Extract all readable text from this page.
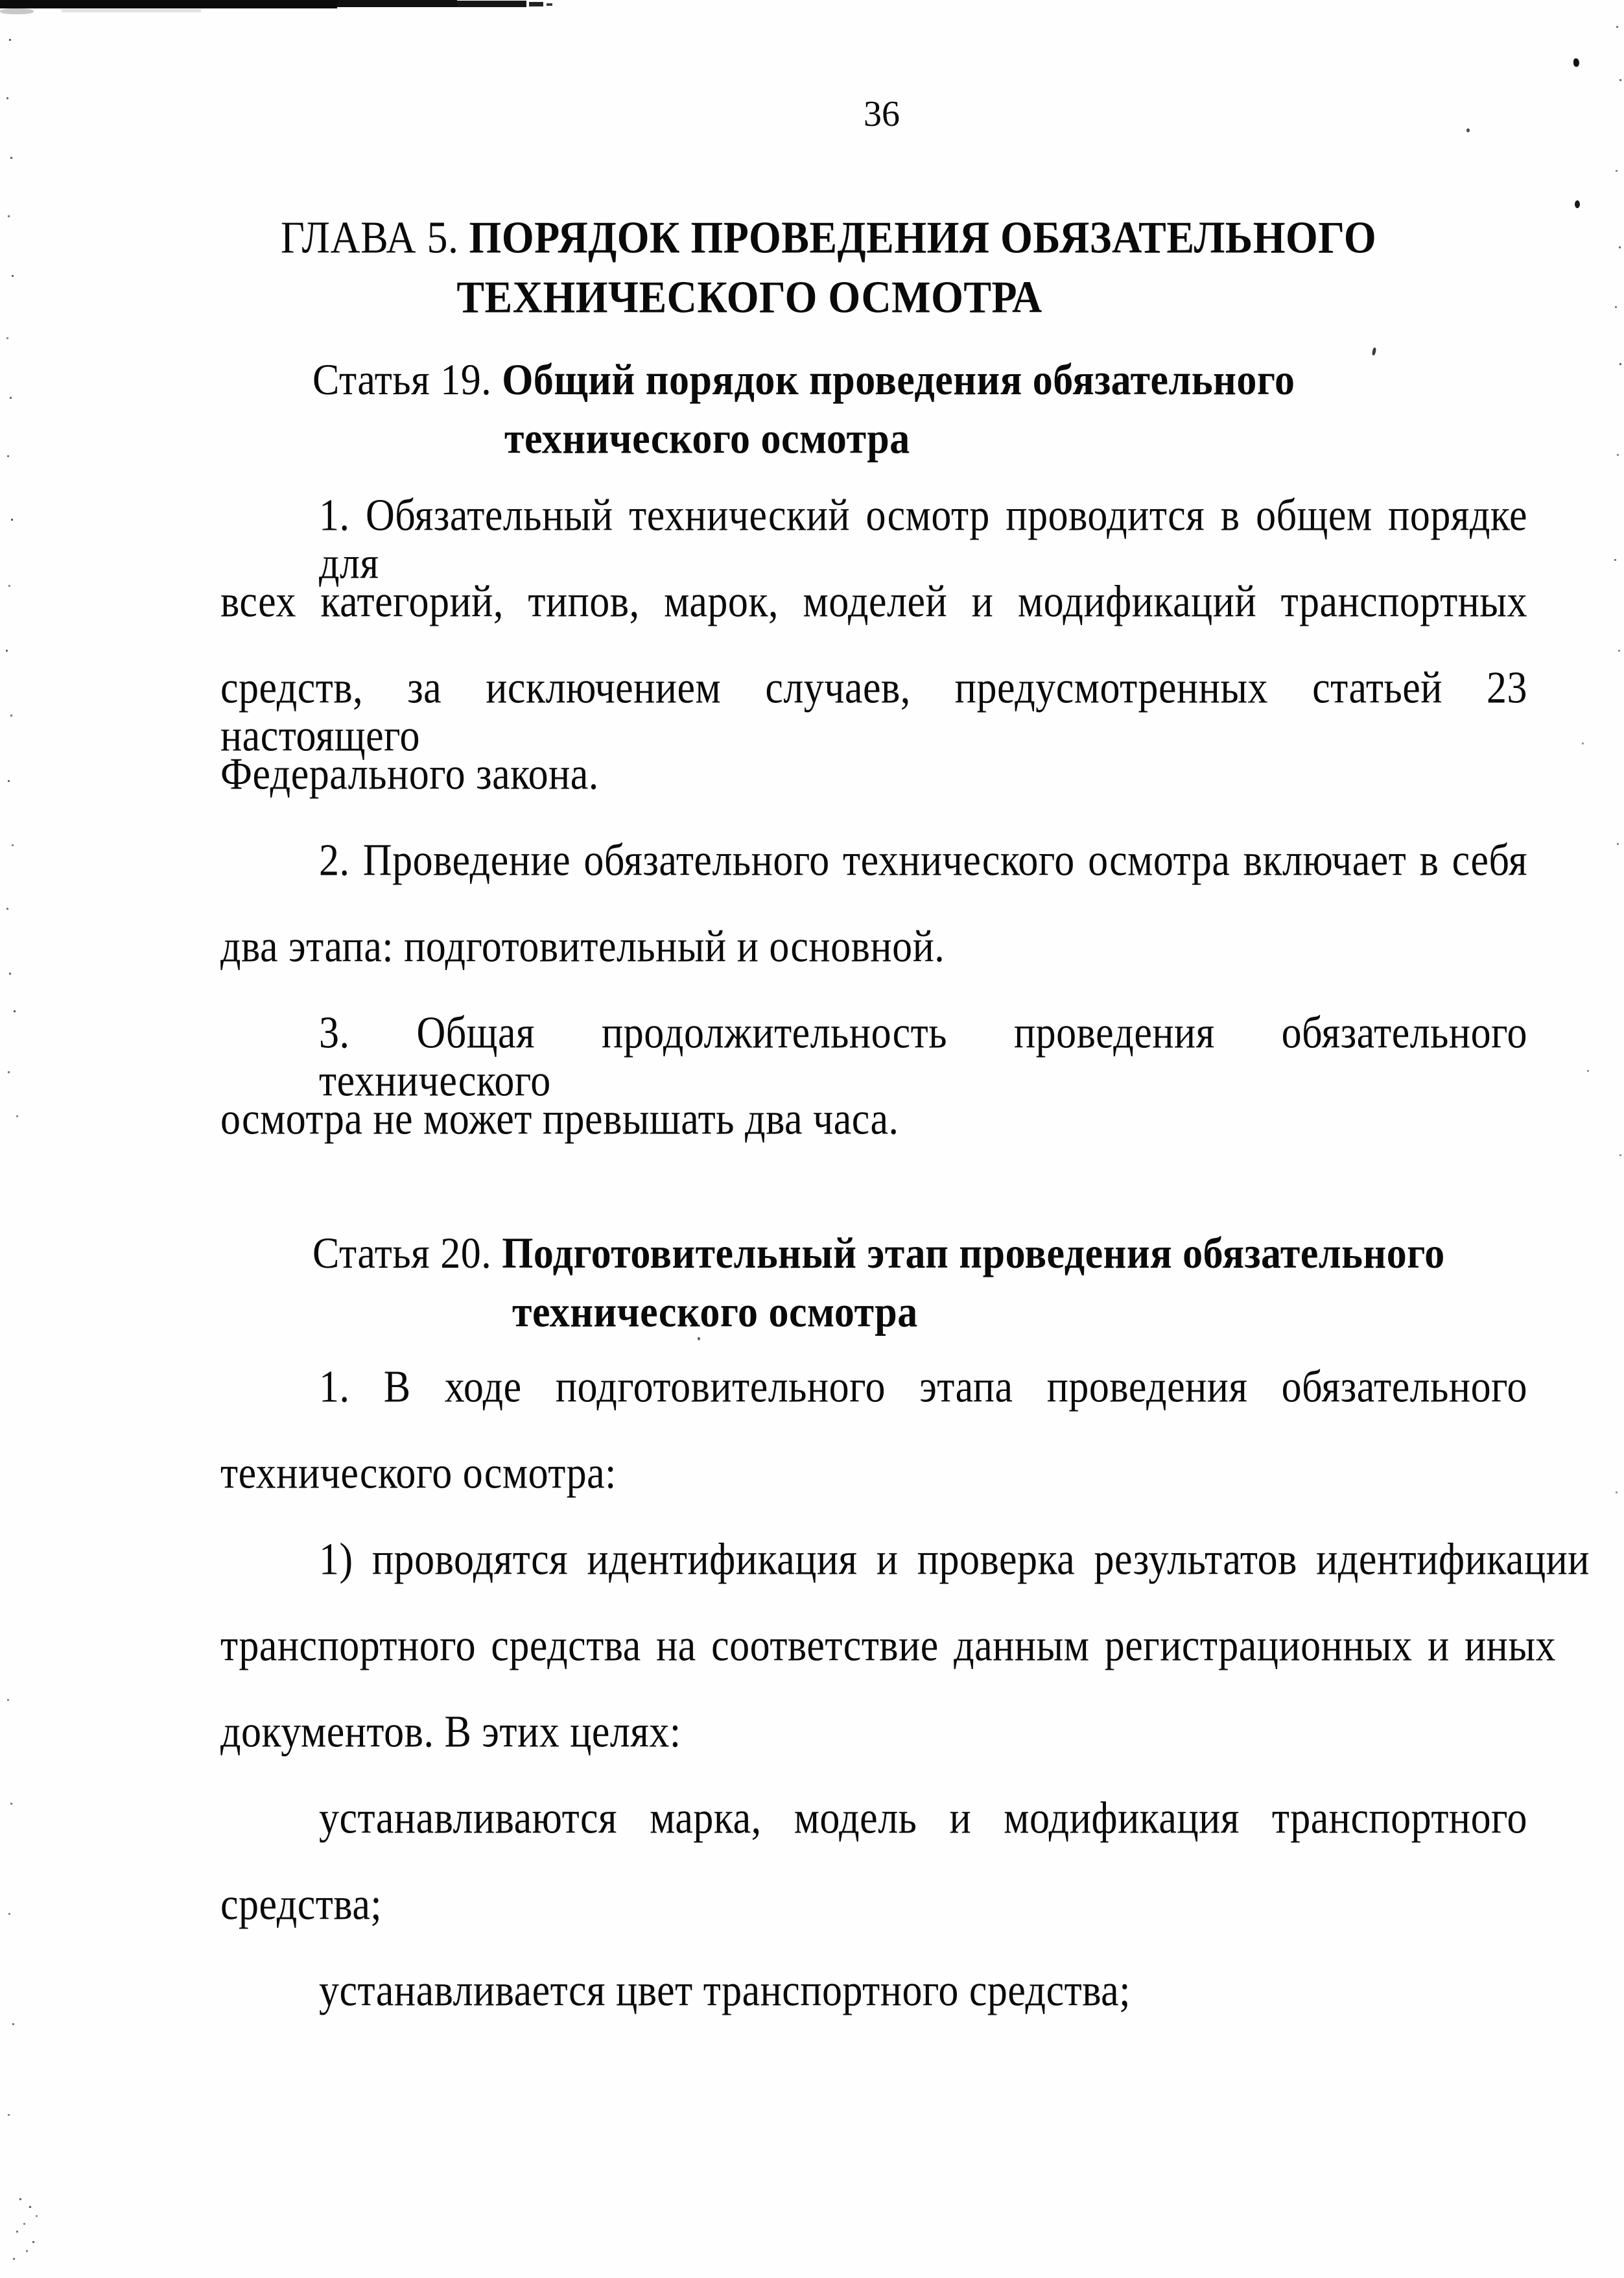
36
ГЛАВА 5. ПОРЯДОК ПРОВЕДЕНИЯ ОБЯЗАТЕЛЬНОГО
ТЕХНИЧЕСКОГО ОСМОТРА
Статья 19. Общий порядок проведения обязательного
технического осмотра
1. Обязательный технический осмотр проводится в общем порядке для
всех категорий, типов, марок, моделей и модификаций транспортных
средств, за исключением случаев, предусмотренных статьей 23 настоящего
Федерального закона.
2. Проведение обязательного технического осмотра включает в себя
два этапа: подготовительный и основной.
3. Общая продолжительность проведения обязательного технического
осмотра не может превышать два часа.
Статья 20. Подготовительный этап проведения обязательного
технического осмотра
1. В ходе подготовительного этапа проведения обязательного
технического осмотра:
1) проводятся идентификация и проверка результатов идентификации
транспортного средства на соответствие данным регистрационных и иных
документов. В этих целях:
устанавливаются марка, модель и модификация транспортного
средства;
устанавливается цвет транспортного средства;
